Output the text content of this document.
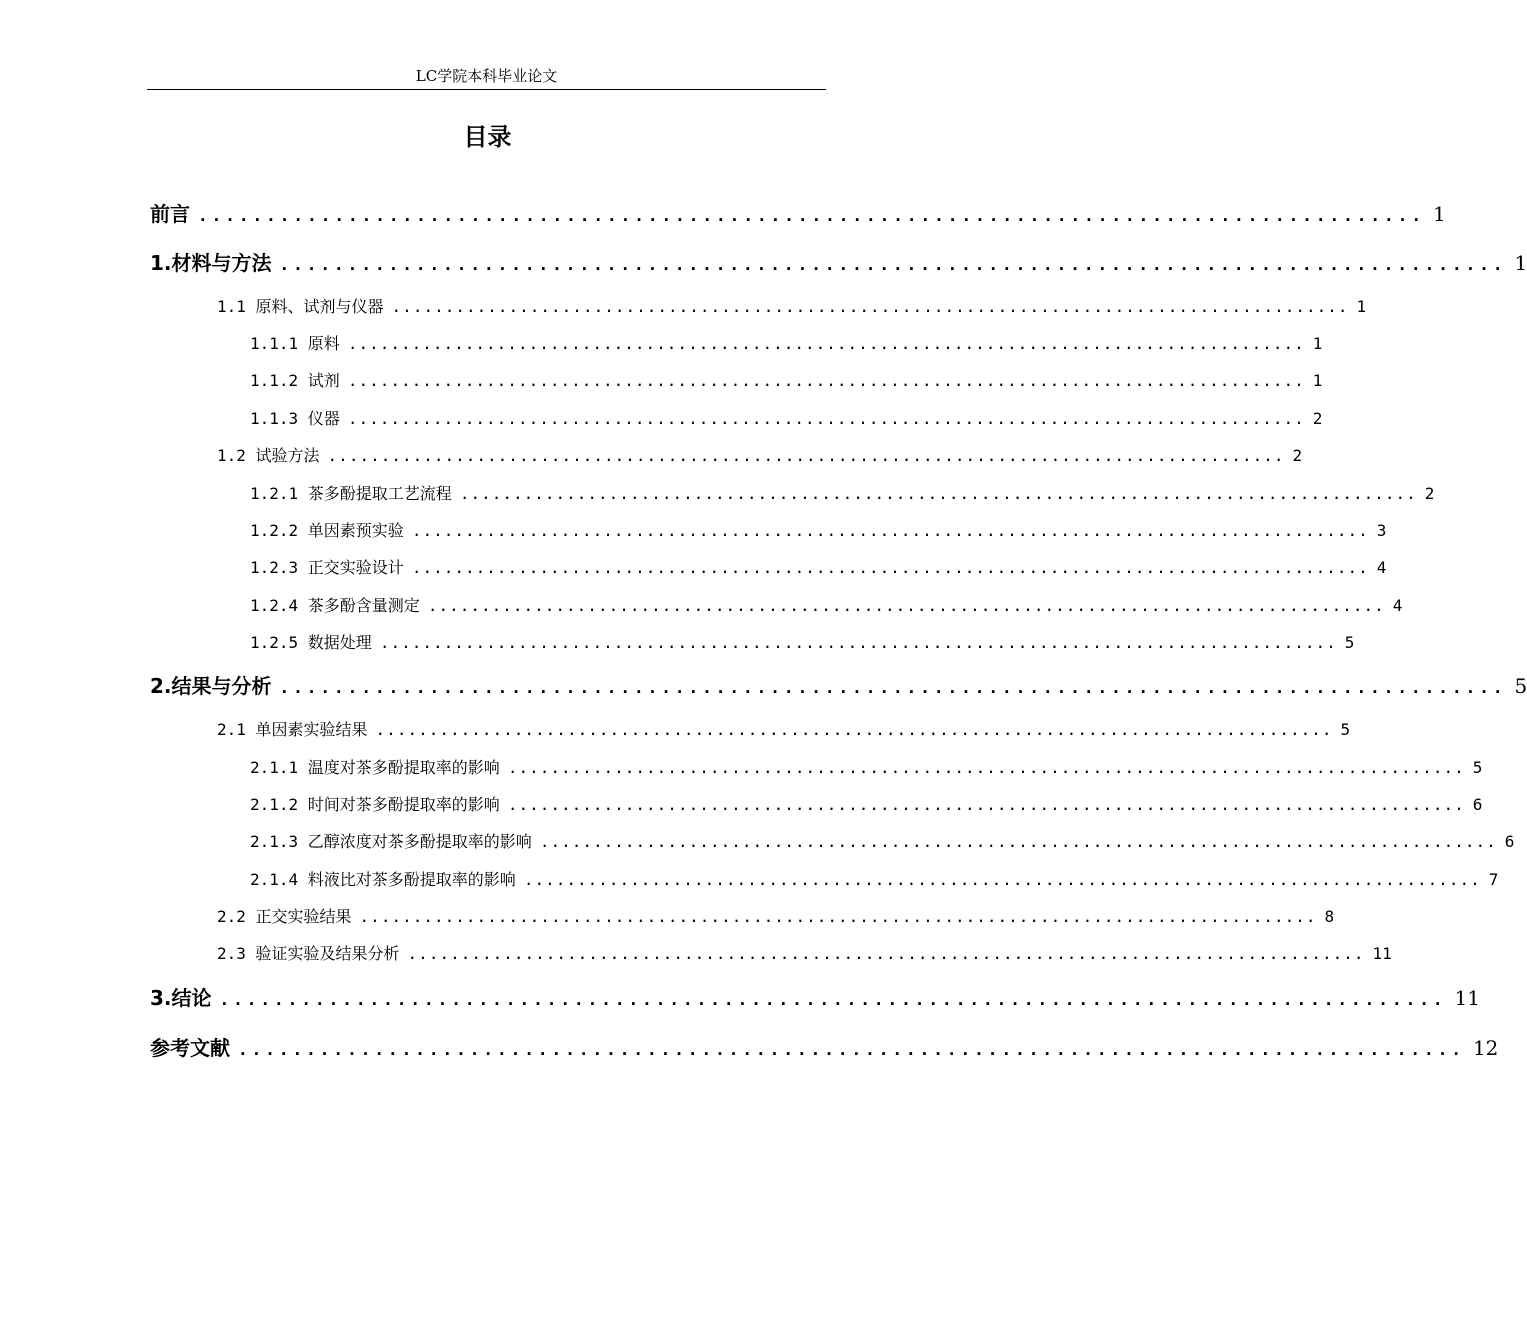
LC学院本科毕业论文
目录
前言 .......................................................................................... 1
1.材料与方法 .......................................................................................... 1
1.1 原料、试剂与仪器 .......................................................................................... 1
1.1.1 原料 .......................................................................................... 1
1.1.2 试剂 .......................................................................................... 1
1.1.3 仪器 .......................................................................................... 2
1.2 试验方法 .......................................................................................... 2
1.2.1 茶多酚提取工艺流程 .......................................................................................... 2
1.2.2 单因素预实验 .......................................................................................... 3
1.2.3 正交实验设计 .......................................................................................... 4
1.2.4 茶多酚含量测定 .......................................................................................... 4
1.2.5 数据处理 .......................................................................................... 5
2.结果与分析 .......................................................................................... 5
2.1 单因素实验结果 .......................................................................................... 5
2.1.1 温度对茶多酚提取率的影响 .......................................................................................... 5
2.1.2 时间对茶多酚提取率的影响 .......................................................................................... 6
2.1.3 乙醇浓度对茶多酚提取率的影响 .......................................................................................... 6
2.1.4 料液比对茶多酚提取率的影响 .......................................................................................... 7
2.2 正交实验结果 .......................................................................................... 8
2.3 验证实验及结果分析 .......................................................................................... 11
3.结论 .......................................................................................... 11
参考文献 .......................................................................................... 12
